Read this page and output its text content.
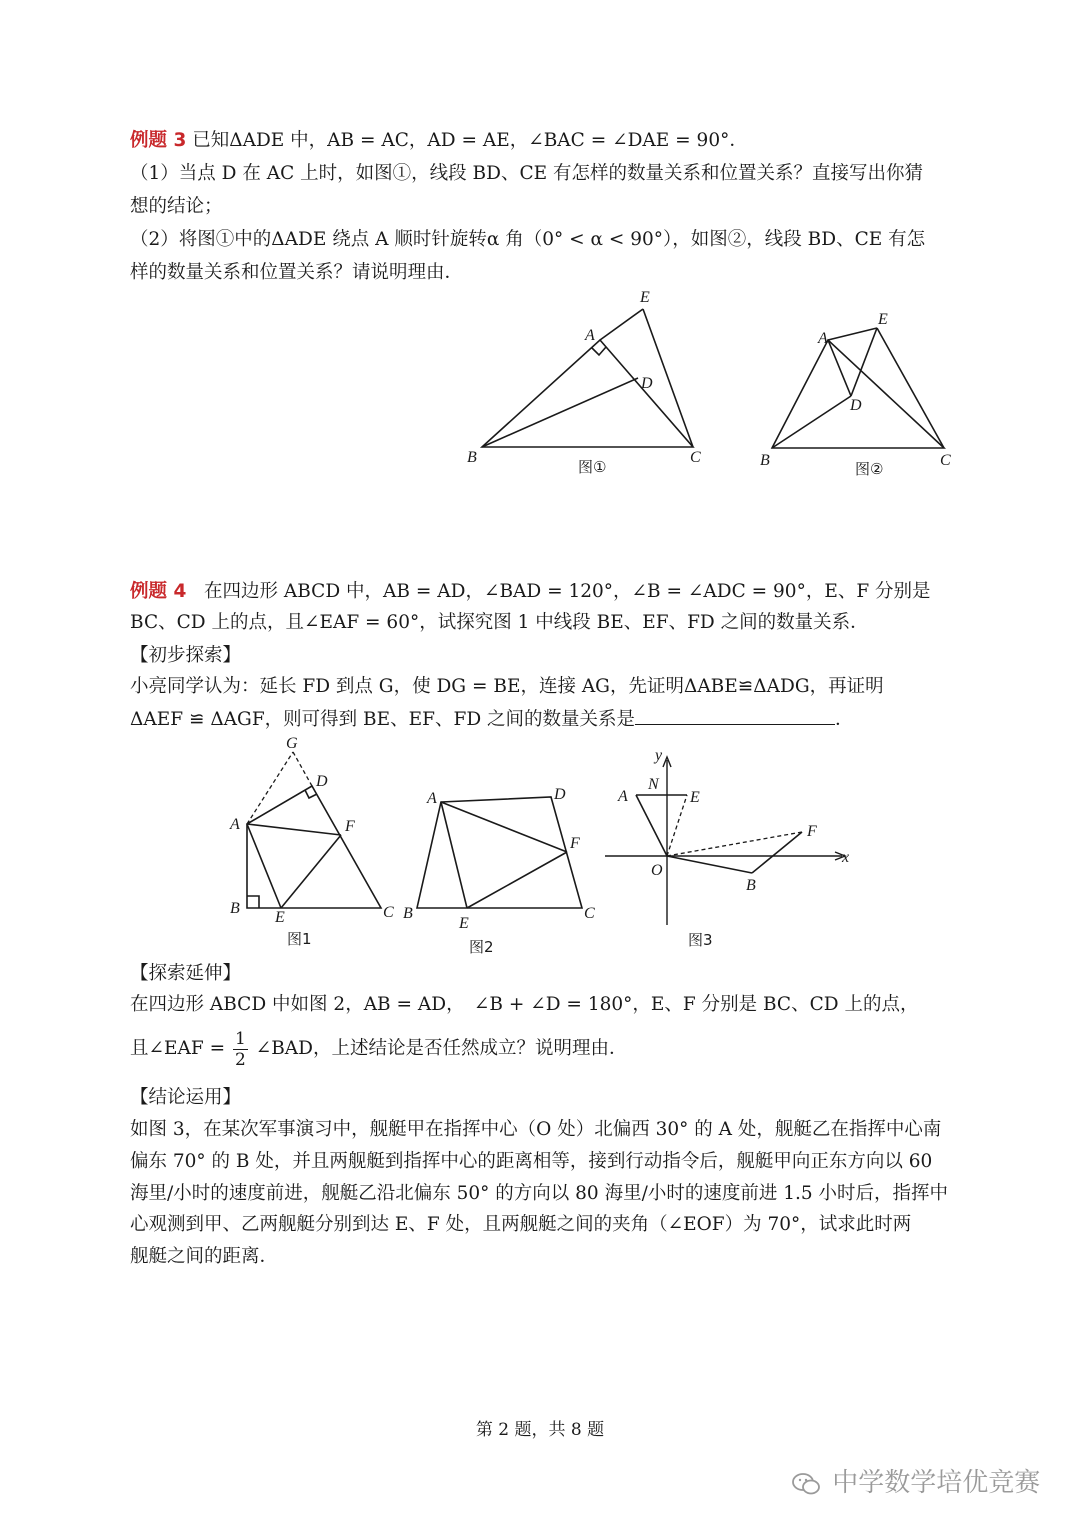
例题 3 已知ΔADE 中，AB = AC，AD = AE，∠BAC = ∠DAE = 90°．
（1）当点 D 在 AC 上时，如图①，线段 BD、CE 有怎样的数量关系和位置关系？直接写出你猜
想的结论；
（2）将图①中的ΔADE 绕点 A 顺时针旋转α 角（0° < α < 90°），如图②，线段 BD、CE 有怎
样的数量关系和位置关系？请说明理由．
A
E
D
B	C
图①
A
E
D
B	C
图②
例题 4 在四边形 ABCD 中，AB = AD，∠BAD = 120°，∠B = ∠ADC = 90°，E、F 分别是
BC、CD 上的点，且∠EAF = 60°，试探究图 1 中线段 BE、EF、FD 之间的数量关系．
【初步探索】
小亮同学认为：延长 FD 到点 G，使 DG = BE，连接 AG，先证明ΔABE≌ΔADG，再证明
ΔAEF ≌ ΔAGF，则可得到 BE、EF、FD 之间的数量关系是	．
G
D
A	F
B
E	C
图1
A	D
F
B
E
C
图2
y
N
A	E
F
O
x
B
图3
【探索延伸】
在四边形 ABCD 中如图 2，AB = AD，　∠B + ∠D = 180°，E、F 分别是 BC、CD 上的点，
且∠EAF = $\frac{1}{2}$ ∠BAD，上述结论是否任然成立？说明理由．
【结论运用】
如图 3，在某次军事演习中，舰艇甲在指挥中心（O 处）北偏西 30° 的 A 处，舰艇乙在指挥中心南
偏东 70° 的 B 处，并且两舰艇到指挥中心的距离相等，接到行动指令后，舰艇甲向正东方向以 60
海里/小时的速度前进，舰艇乙沿北偏东 50° 的方向以 80 海里/小时的速度前进 1.5 小时后，指挥中
心观测到甲、乙两舰艇分别到达 E、F 处，且两舰艇之间的夹角（∠EOF）为 70°，试求此时两
舰艇之间的距离．
第 2 题，共 8 题
中学数学培优竞赛
